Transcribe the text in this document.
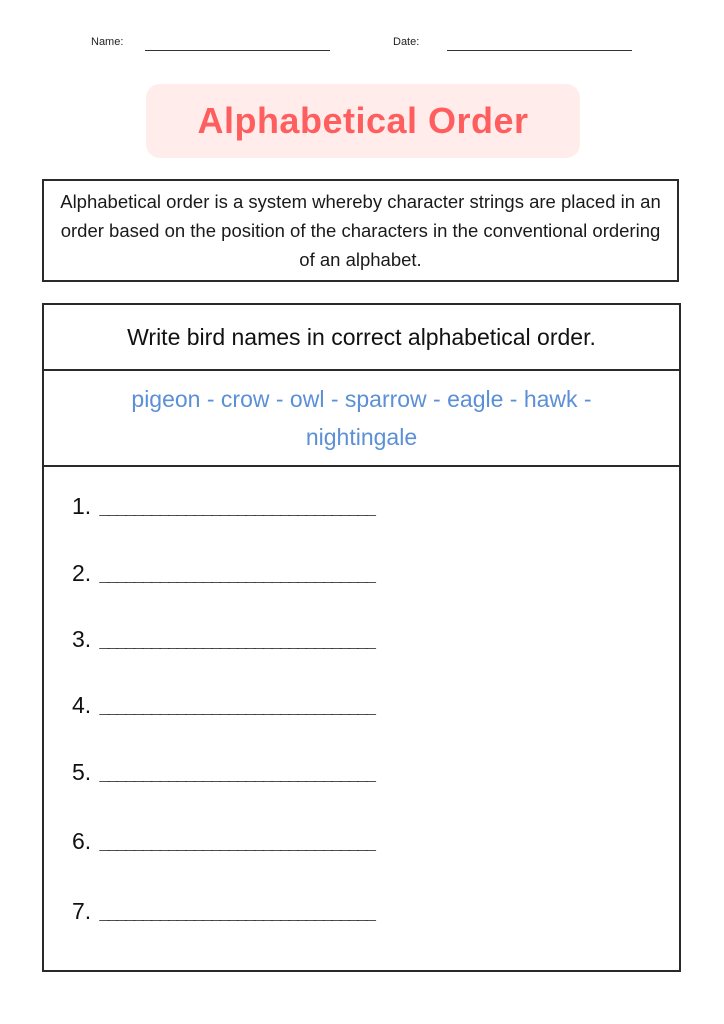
Name:	Date:
Alphabetical Order
Alphabetical order is a system whereby character strings are placed in an order based on the position of the characters in the conventional ordering of an alphabet.
Write bird names in correct alphabetical order.
pigeon - crow - owl - sparrow - eagle - hawk - nightingale
1. ________________________________
2. ________________________________
3. ________________________________
4. ________________________________
5. ________________________________
6. ________________________________
7. ________________________________
